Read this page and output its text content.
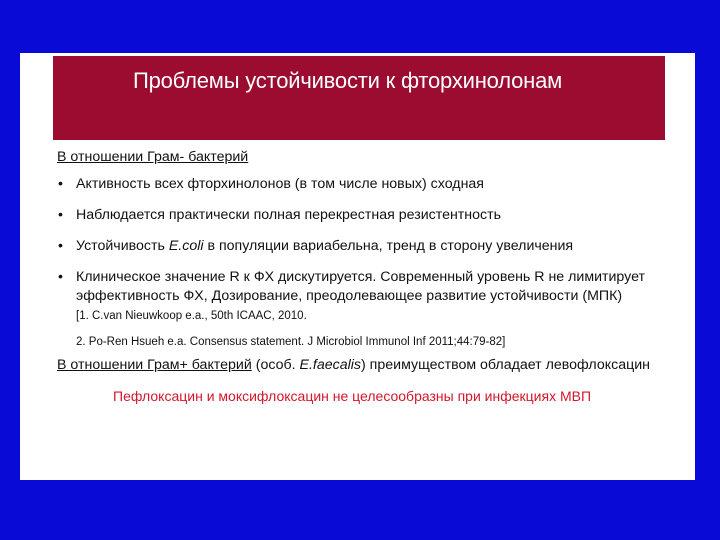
Проблемы устойчивости к фторхинолонам
В отношении Грам- бактерий
• Активность всех фторхинолонов (в том числе новых) сходная
• Наблюдается практически полная перекрестная резистентность
• Устойчивость E.coli в популяции вариабельна, тренд в сторону увеличения
• Клиническое значение R к ФХ дискутируется. Современный уровень R не лимитирует
эффективность ФХ, Дозирование, преодолевающее развитие устойчивости (МПК)
[1. C.van Nieuwkoop e.a., 50th ICAAC, 2010.
2. Po-Ren Hsueh e.a. Consensus statement. J Microbiol Immunol Inf 2011;44:79-82]
В отношении Грам+ бактерий (особ. E.faecalis) преимуществом обладает левофлоксацин
Пефлоксацин и моксифлоксацин не целесообразны при инфекциях МВП
